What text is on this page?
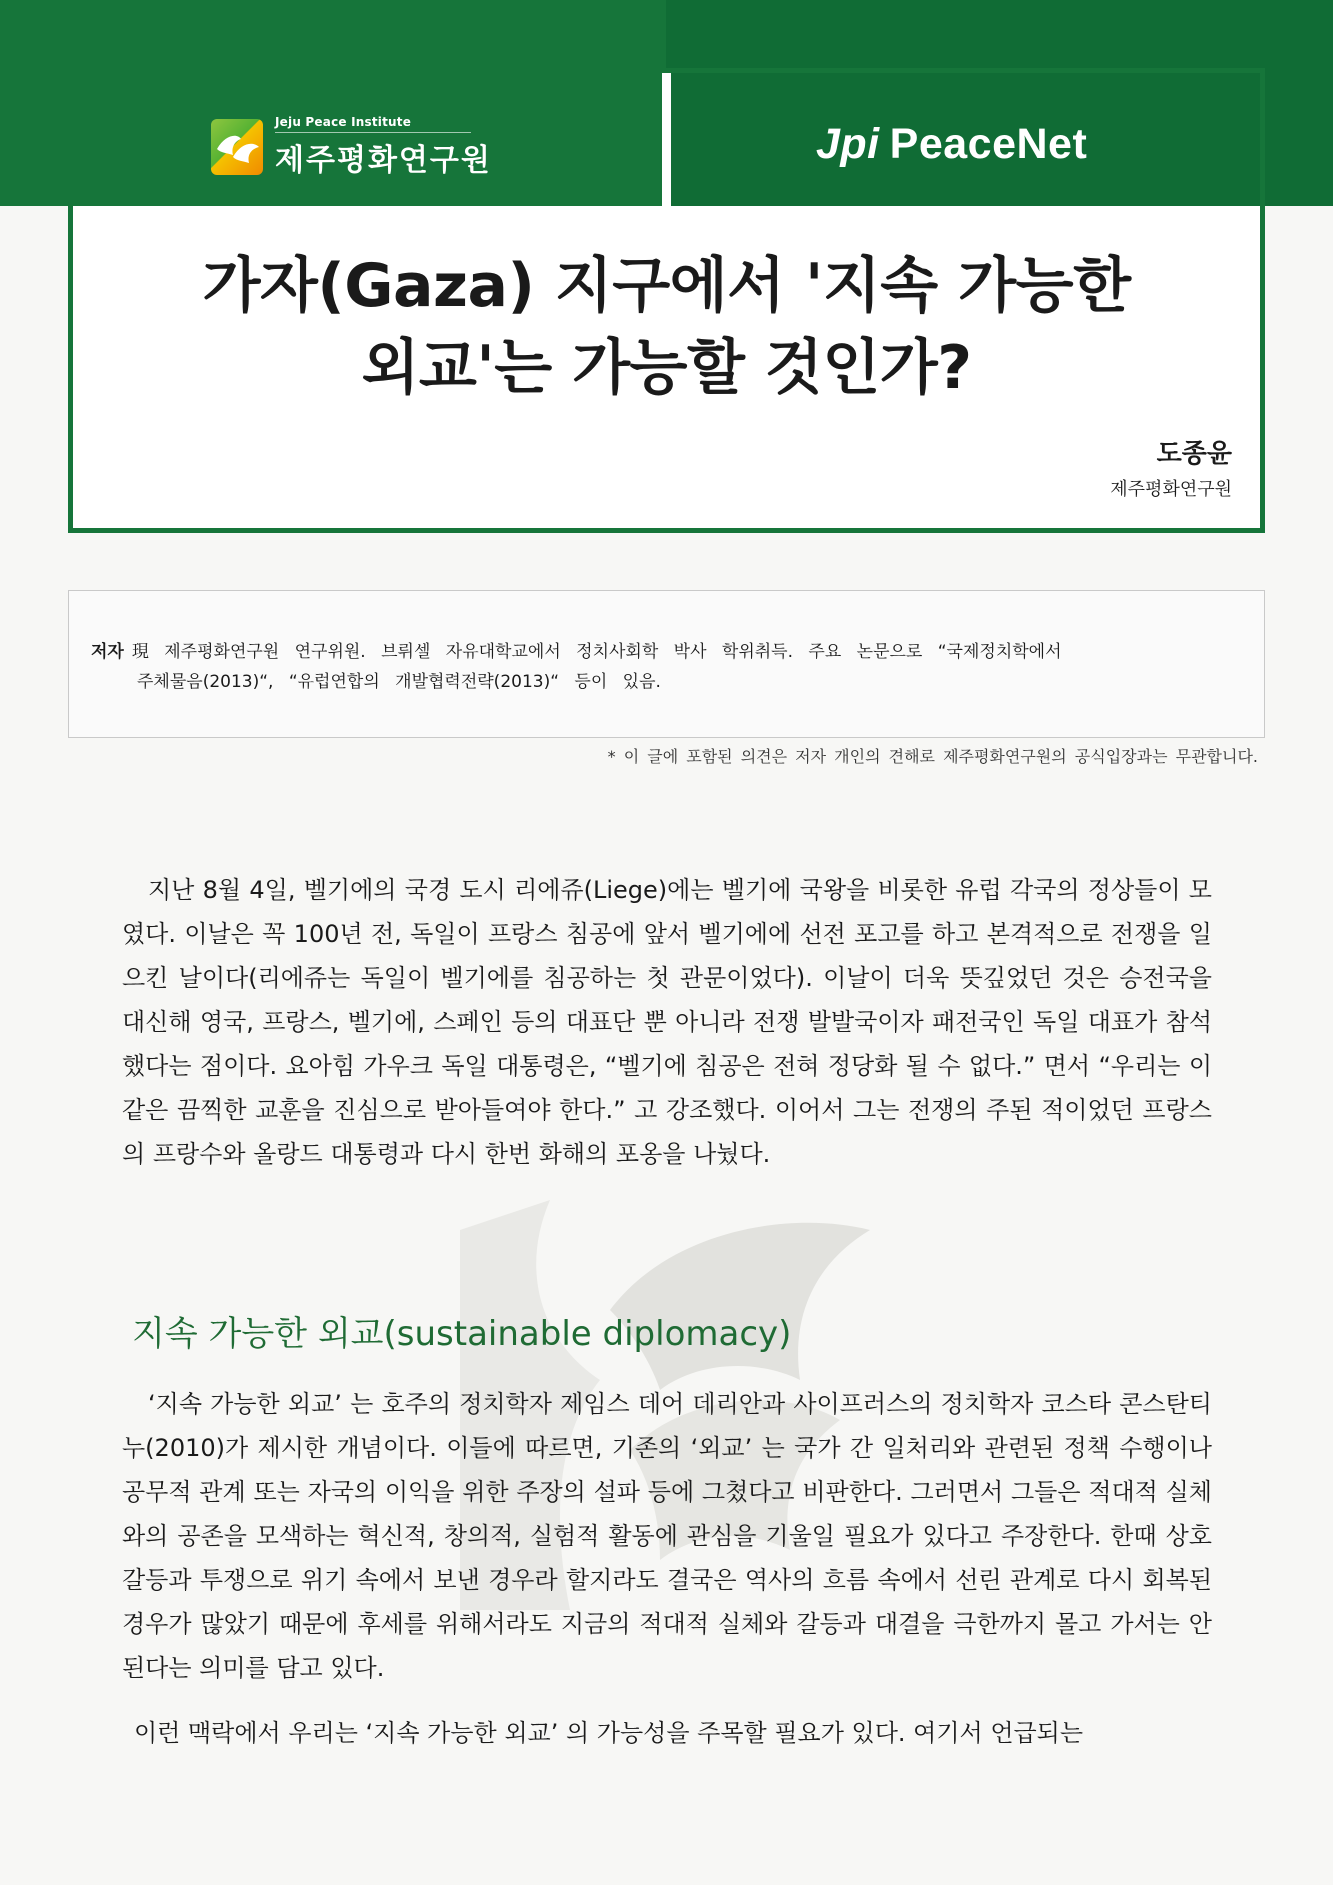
Jeju Peace Institute
제주평화연구원	Jpi PeaceNet
가자(Gaza) 지구에서 '지속 가능한
외교'는 가능할 것인가?
도종윤
제주평화연구원
저자 現 제주평화연구원 연구위원. 브뤼셀 자유대학교에서 정치사회학 박사 학위취득. 주요 논문으로 “국제정치학에서
주체물음(2013)“, “유럽연합의 개발협력전략(2013)“ 등이 있음.
* 이 글에 포함된 의견은 저자 개인의 견해로 제주평화연구원의 공식입장과는 무관합니다.

지난 8월 4일, 벨기에의 국경 도시 리에쥬(Liege)에는 벨기에 국왕을 비롯한 유럽 각국의 정상들이 모였다. 이날은 꼭 100년 전, 독일이 프랑스 침공에 앞서 벨기에에 선전 포고를 하고 본격적으로 전쟁을 일으킨 날이다(리에쥬는 독일이 벨기에를 침공하는 첫 관문이었다). 이날이 더욱 뜻깊었던 것은 승전국을 대신해 영국, 프랑스, 벨기에, 스페인 등의 대표단 뿐 아니라 전쟁 발발국이자 패전국인 독일 대표가 참석했다는 점이다. 요아힘 가우크 독일 대통령은, “벨기에 침공은 전혀 정당화 될 수 없다.” 면서 “우리는 이 같은 끔찍한 교훈을 진심으로 받아들여야 한다.” 고 강조했다. 이어서 그는 전쟁의 주된 적이었던 프랑스의 프랑수와 올랑드 대통령과 다시 한번 화해의 포옹을 나눴다.

지속 가능한 외교(sustainable diplomacy)

‘지속 가능한 외교’ 는 호주의 정치학자 제임스 데어 데리안과 사이프러스의 정치학자 코스타 콘스탄티누(2010)가 제시한 개념이다. 이들에 따르면, 기존의 ‘외교’ 는 국가 간 일처리와 관련된 정책 수행이나 공무적 관계 또는 자국의 이익을 위한 주장의 설파 등에 그쳤다고 비판한다. 그러면서 그들은 적대적 실체와의 공존을 모색하는 혁신적, 창의적, 실험적 활동에 관심을 기울일 필요가 있다고 주장한다. 한때 상호 갈등과 투쟁으로 위기 속에서 보낸 경우라 할지라도 결국은 역사의 흐름 속에서 선린 관계로 다시 회복된 경우가 많았기 때문에 후세를 위해서라도 지금의 적대적 실체와 갈등과 대결을 극한까지 몰고 가서는 안 된다는 의미를 담고 있다.

이런 맥락에서 우리는 ‘지속 가능한 외교’ 의 가능성을 주목할 필요가 있다. 여기서 언급되는
